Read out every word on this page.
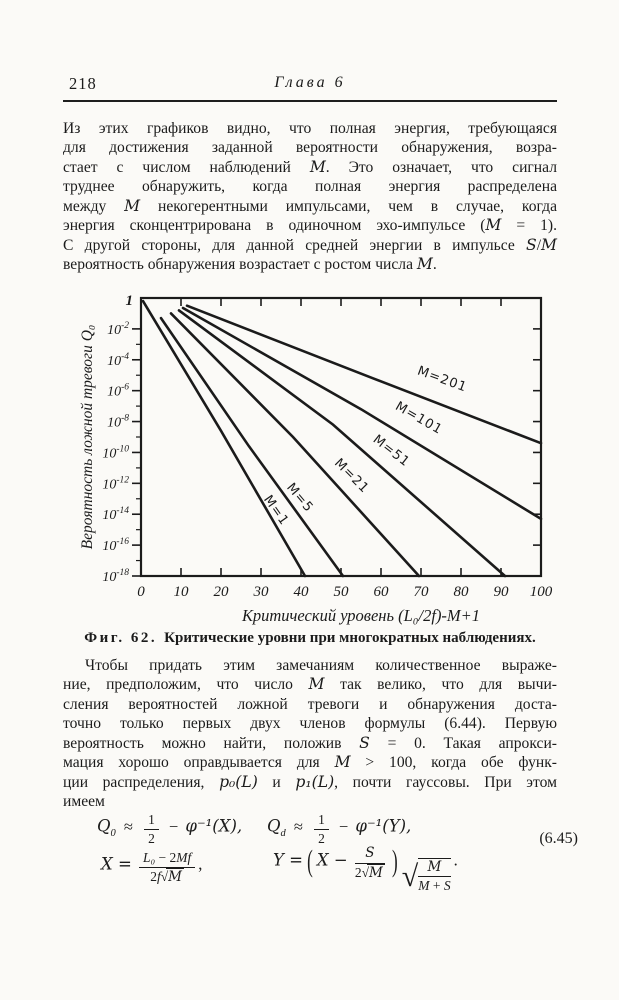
218	Глава 6
Из этих графиков видно, что полная энергия, требующаяся
для достижения заданной вероятности обнаружения, возра-
стает с числом наблюдений M. Это означает, что сигнал
труднее обнаружить, когда полная энергия распределена
между M некогерентными импульсами, чем в случае, когда
энергия сконцентрирована в одиночном эхо-импульсе (M = 1).
С другой стороны, для данной средней энергии в импульсе S/M
вероятность обнаружения возрастает с ростом числа M.
0 10 20 30 40 50 60 70 80 90 100
1
$10^{-2}$
$10^{-4}$
$10^{-6}$
$10^{-8}$
$10^{-10}$
$10^{-12}$
$10^{-14}$
$10^{-16}$
$10^{-18}$
M=1
M=5
M=21
M=51
M=101
M=201
Вероятность ложной тревоги Q₀
Критический уровень (L₀/2f)-M+1
Фиг. 62. Критические уровни при многократных наблюдениях.
Чтобы придать этим замечаниям количественное выраже-
ние, предположим, что число M так велико, что для вычи-
сления вероятностей ложной тревоги и обнаружения доста-
точно только первых двух членов формулы (6.44). Первую
вероятность можно найти, положив S = 0. Такая апрокси-
мация хорошо оправдывается для M > 100, когда обе функ-
ции распределения, p₀(L) и p₁(L), почти гауссовы. При этом
имеем
$Q_0 \approx \frac{1}{2} - \varphi^{-1}(X)$, $Q_d \approx \frac{1}{2} - \varphi^{-1}(Y)$,
$X = \frac{\text{L₀ − 2Mf}}{2f√M}$ ,	Y = ( $X - \frac{S}{2√M}$ ) √ $\frac{M}{M + S}$ .
(6.45)
